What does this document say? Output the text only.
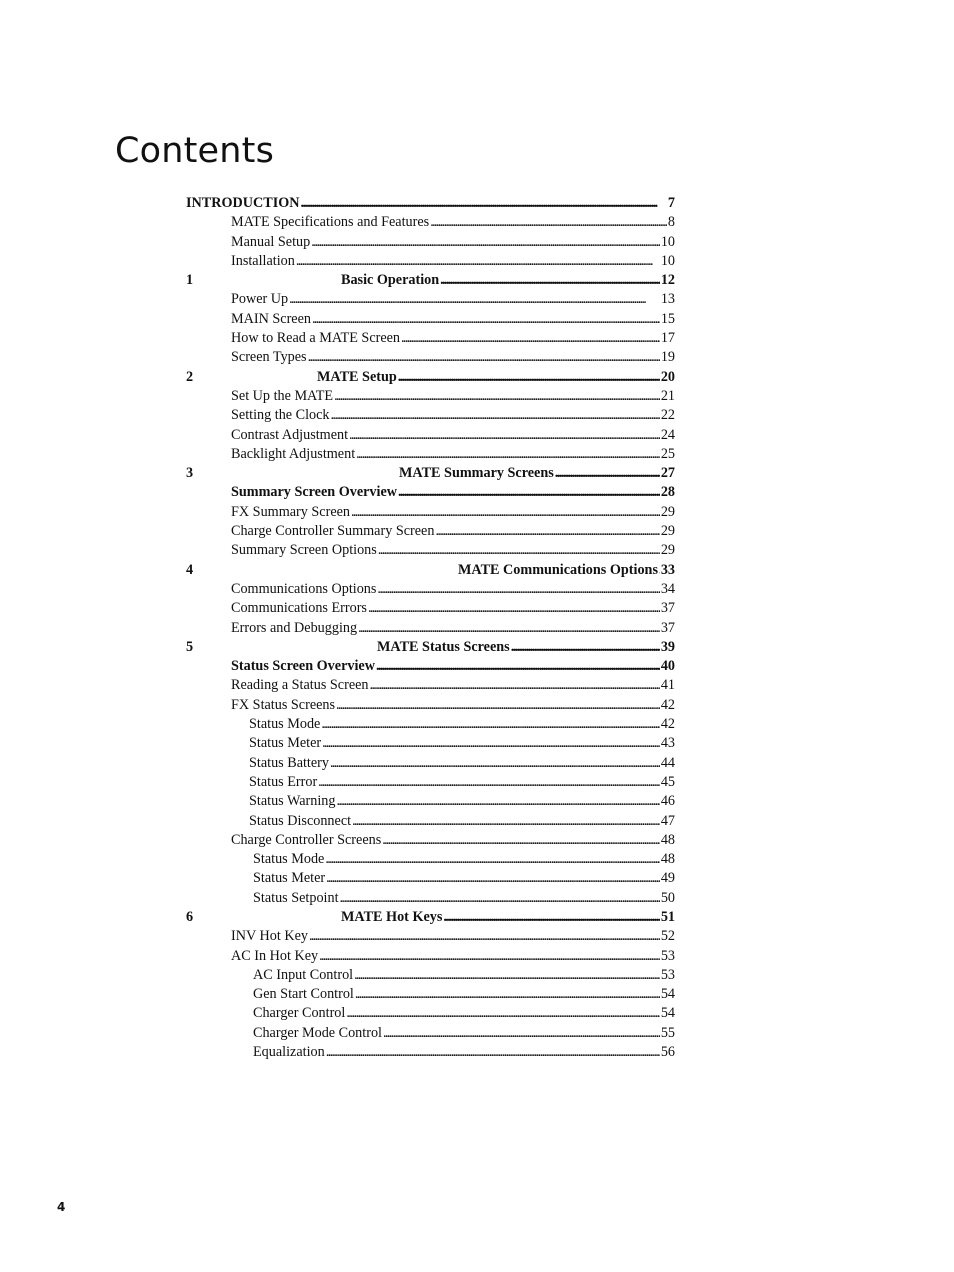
Contents
INTRODUCTION . . .	7
MATE Specifications and Features . . .	8
Manual Setup . . .	10
Installation . . .	10
1	Basic Operation . . .	12
Power Up . . .	13
MAIN Screen . . .	15
How to Read a MATE Screen . . .	17
Screen Types . . .	19
2	MATE Setup . . .	20
Set Up the MATE . . .	21
Setting the Clock . . .	22
Contrast Adjustment . . .	24
Backlight Adjustment . . .	25
3	MATE Summary Screens . . .	27
Summary Screen Overview . . .	28
FX Summary Screen . . .	29
Charge Controller Summary Screen . . .	29
Summary Screen Options . . .	29
4	MATE Communications Options . . . 33
Communications Options . . .	34
Communications Errors . . .	37
Errors and Debugging . . .	37
5	MATE Status Screens . . .	39
Status Screen Overview . . .	40
Reading a Status Screen . . .	41
FX Status Screens . . .	42
Status Mode . . .	42
Status Meter . . .	43
Status Battery . . .	44
Status Error . . .	45
Status Warning . . .	46
Status Disconnect . . .	47
Charge Controller Screens . . .	48
Status Mode . . .	48
Status Meter . . .	49
Status Setpoint . . .	50
6	MATE Hot Keys . . .	51
INV Hot Key . . .	52
AC In Hot Key . . .	53
AC Input Control . . .	53
Gen Start Control . . .	54
Charger Control . . .	54
Charger Mode Control . . .	55
Equalization . . .	56
4
